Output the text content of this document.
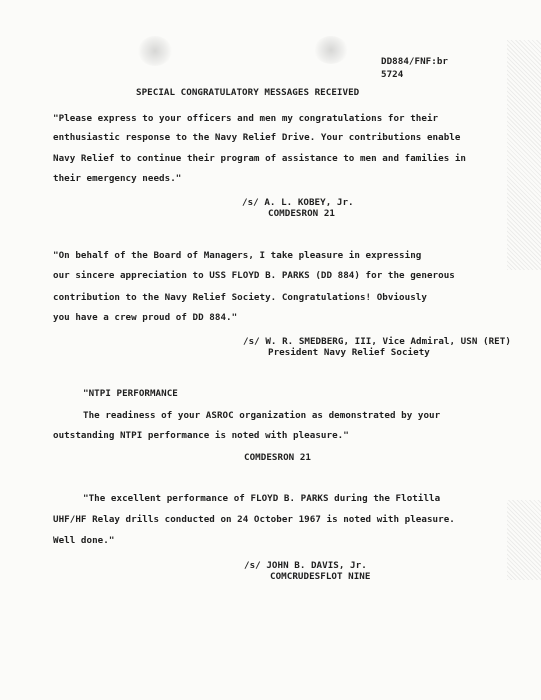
DD884/FNF:br

5724

SPECIAL CONGRATULATORY MESSAGES RECEIVED

"Please express to your officers and men my congratulations for their

enthusiastic response to the Navy Relief Drive. Your contributions enable

Navy Relief to continue their program of assistance to men and families in

their emergency needs."

/s/ A. L. KOBEY, Jr.

COMDESRON 21

"On behalf of the Board of Managers, I take pleasure in expressing

our sincere appreciation to USS FLOYD B. PARKS (DD 884) for the generous

contribution to the Navy Relief Society. Congratulations! Obviously

you have a crew proud of DD 884."

/s/ W. R. SMEDBERG, III, Vice Admiral, USN (RET)

President Navy Relief Society

"NTPI PERFORMANCE

The readiness of your ASROC organization as demonstrated by your

outstanding NTPI performance is noted with pleasure."

COMDESRON 21

"The excellent performance of FLOYD B. PARKS during the Flotilla

UHF/HF Relay drills conducted on 24 October 1967 is noted with pleasure.

Well done."

/s/ JOHN B. DAVIS, Jr.

COMCRUDESFLOT NINE
